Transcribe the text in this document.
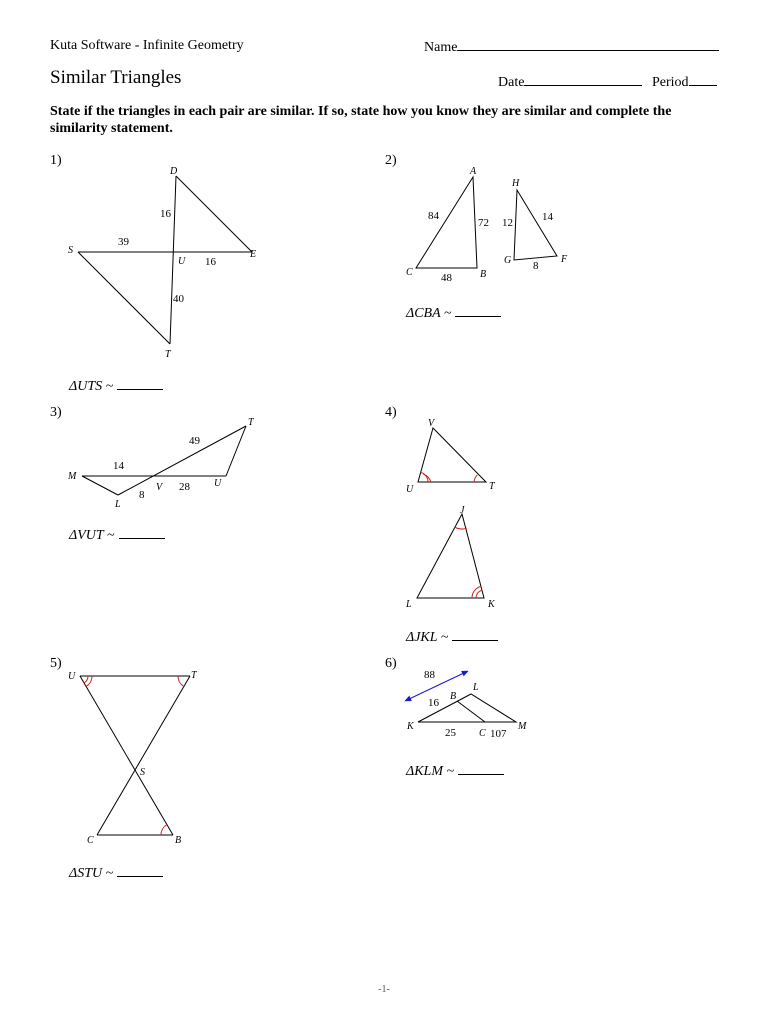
Kuta Software - Infinite Geometry	Name
Similar Triangles	Date	Period
State if the triangles in each pair are similar. If so, state how you know they are similar and complete the similarity statement.
1)	2)
3)	4)
5)	6)
ΔUTS ~
ΔCBA ~
ΔVUT ~
ΔJKL ~
ΔSTU ~
ΔKLM ~
D
S
U
E
T
16
39
16
40
A
C	B
H
G	F
84
72
48
12	14
8
M
L
V	U
T
14
8
28
49
V
U	T
J
L	K
U	T
S
C	B
K
B
L
C
M
88
16
25	107
-1-
